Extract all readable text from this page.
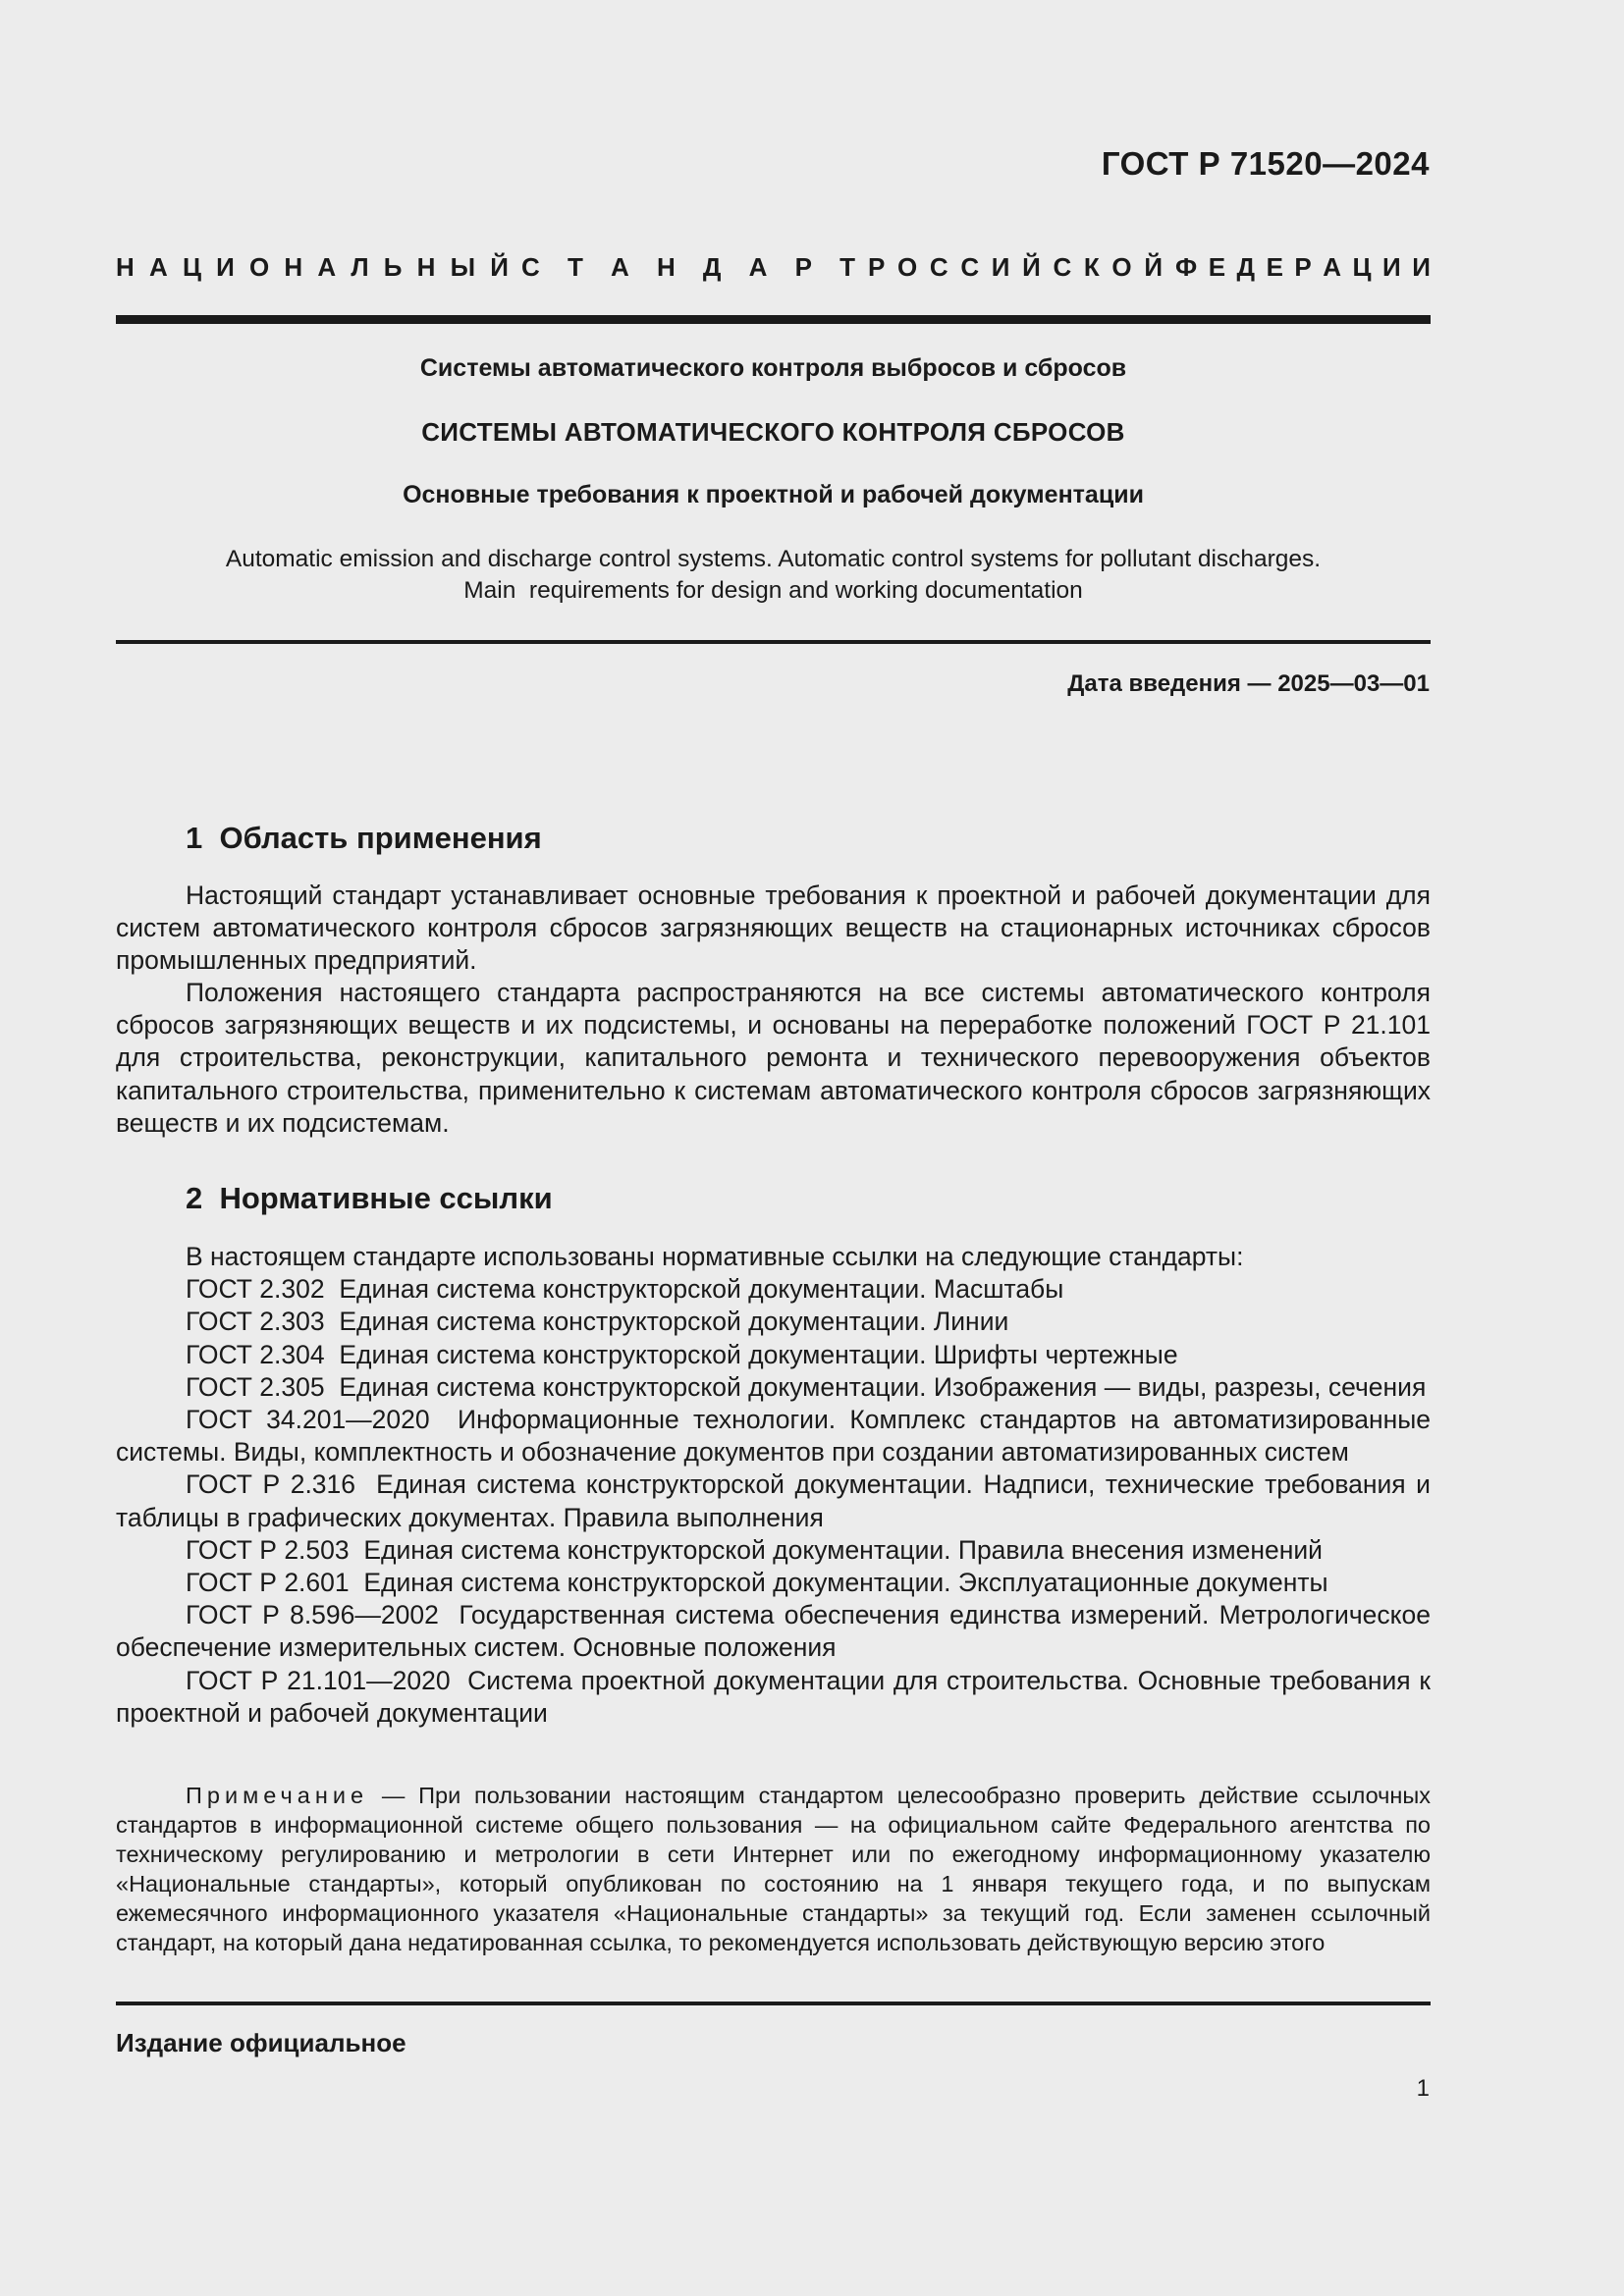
ГОСТ Р 71520—2024
Н А Ц И О Н А Л Ь Н Ы Й С Т А Н Д А Р Т Р О С С И Й С К О Й Ф Е Д Е Р А Ц И И
Системы автоматического контроля выбросов и сбросов
СИСТЕМЫ АВТОМАТИЧЕСКОГО КОНТРОЛЯ СБРОСОВ
Основные требования к проектной и рабочей документации
Automatic emission and discharge control systems. Automatic control systems for pollutant discharges.
Main  requirements for design and working documentation
Дата введения — 2025—03—01
1  Область применения

Настоящий стандарт устанавливает основные требования к проектной и рабочей документации для систем автоматического контроля сбросов загрязняющих веществ на стационарных источниках сбросов промышленных предприятий.

Положения настоящего стандарта распространяются на все системы автоматического контроля сбросов загрязняющих веществ и их подсистемы, и основаны на переработке положений ГОСТ Р 21.101 для строительства, реконструкции, капитального ремонта и технического перевооружения объектов капитального строительства, применительно к системам автоматического контроля сбросов загрязняющих веществ и их подсистемам.

2  Нормативные ссылки

В настоящем стандарте использованы нормативные ссылки на следующие стандарты:

ГОСТ 2.302  Единая система конструкторской документации. Масштабы

ГОСТ 2.303  Единая система конструкторской документации. Линии

ГОСТ 2.304  Единая система конструкторской документации. Шрифты чертежные

ГОСТ 2.305  Единая система конструкторской документации. Изображения — виды, разрезы, сечения

ГОСТ 34.201—2020  Информационные технологии. Комплекс стандартов на автоматизированные системы. Виды, комплектность и обозначение документов при создании автоматизированных систем

ГОСТ Р 2.316  Единая система конструкторской документации. Надписи, технические требования и таблицы в графических документах. Правила выполнения

ГОСТ Р 2.503  Единая система конструкторской документации. Правила внесения изменений

ГОСТ Р 2.601  Единая система конструкторской документации. Эксплуатационные документы

ГОСТ Р 8.596—2002  Государственная система обеспечения единства измерений. Метрологическое обеспечение измерительных систем. Основные положения

ГОСТ Р 21.101—2020  Система проектной документации для строительства. Основные требования к проектной и рабочей документации

Примечание — При пользовании настоящим стандартом целесообразно проверить действие ссылочных стандартов в информационной системе общего пользования — на официальном сайте Федерального агентства по техническому регулированию и метрологии в сети Интернет или по ежегодному информационному указателю «Национальные стандарты», который опубликован по состоянию на 1 января текущего года, и по выпускам ежемесячного информационного указателя «Национальные стандарты» за текущий год. Если заменен ссылочный стандарт, на который дана недатированная ссылка, то рекомендуется использовать действующую версию этого

Издание официальное
1
